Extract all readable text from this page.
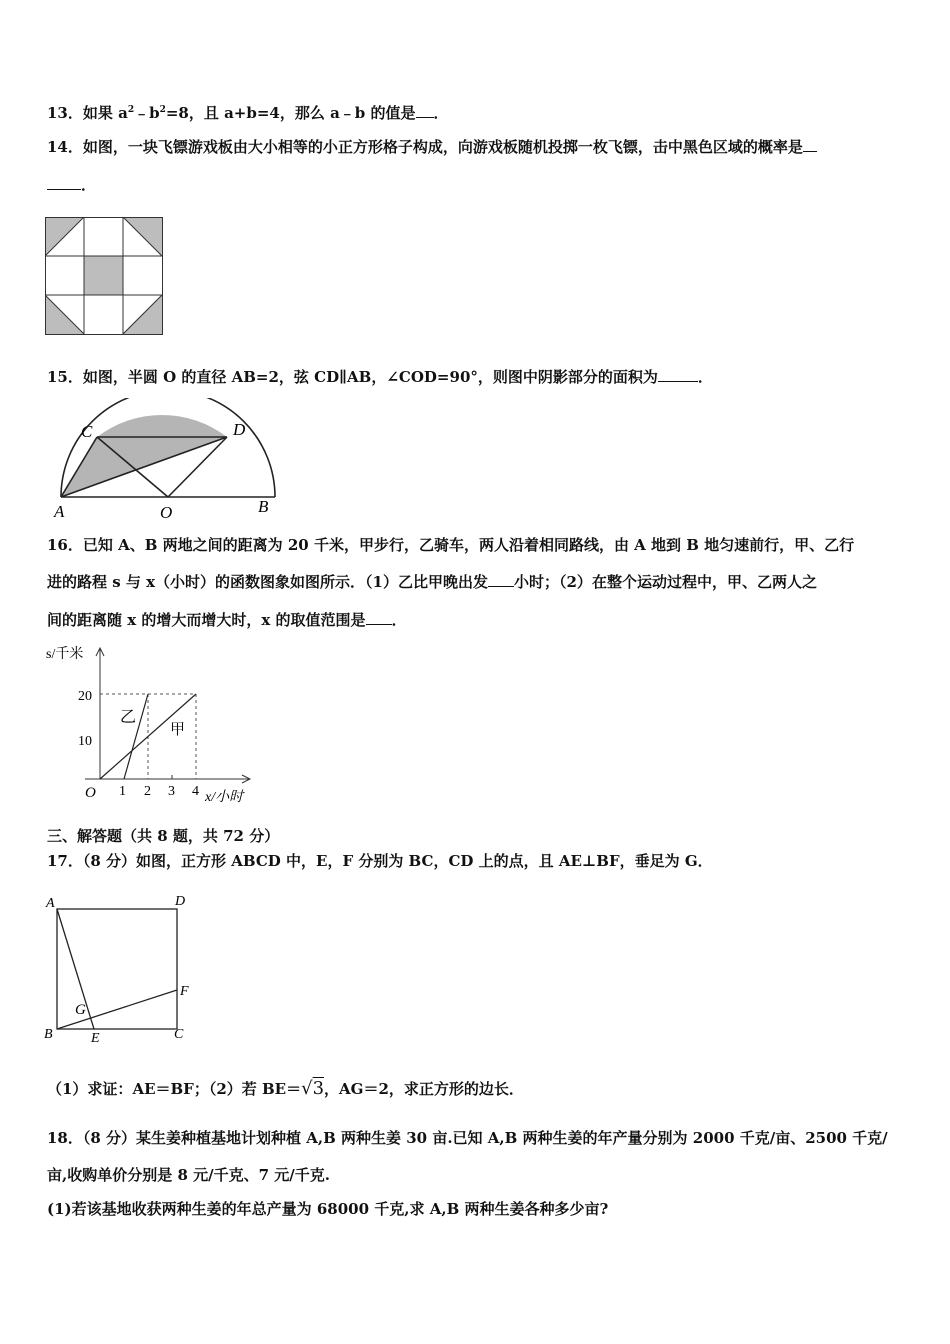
13．如果 $a^2﹣b^2=8$，且 a+b=4，那么 a﹣b 的值是 ．
14．如图，一块飞镖游戏板由大小相等的小正方形格子构成，向游戏板随机投掷一枚飞镖，击中黑色区域的概率是
．
15．如图，半圆 O 的直径 AB=2，弦 CD∥AB，∠COD=90°，则图中阴影部分的面积为	．
C	D
A	O	B
16．已知 A、B 两地之间的距离为 20 千米，甲步行，乙骑车，两人沿着相同路线，由 A 地到 B 地匀速前行，甲、乙行
进的路程 s 与 x（小时）的函数图象如图所示．（1）乙比甲晚出发 小时；（2）在整个运动过程中，甲、乙两人之
间的距离随 x 的增大而增大时，x 的取值范围是 ．
s/千米
乙
甲
20
10
O 1 2 3 4 x/小时
三、解答题（共 8 题，共 72 分）
17．（8 分）如图，正方形 ABCD 中，E，F 分别为 BC，CD 上的点，且 AE⊥BF，垂足为 G．
A	D
F
G
B	E	C
（1）求证：AE＝BF；（2）若 BE＝√3，AG＝2，求正方形的边长．
18．（8 分）某生姜种植基地计划种植 A,B 两种生姜 30 亩.已知 A,B 两种生姜的年产量分别为 2000 千克/亩、2500 千克/
亩,收购单价分别是 8 元/千克、7 元/千克.
(1)若该基地收获两种生姜的年总产量为 68000 千克,求 A,B 两种生姜各种多少亩?
